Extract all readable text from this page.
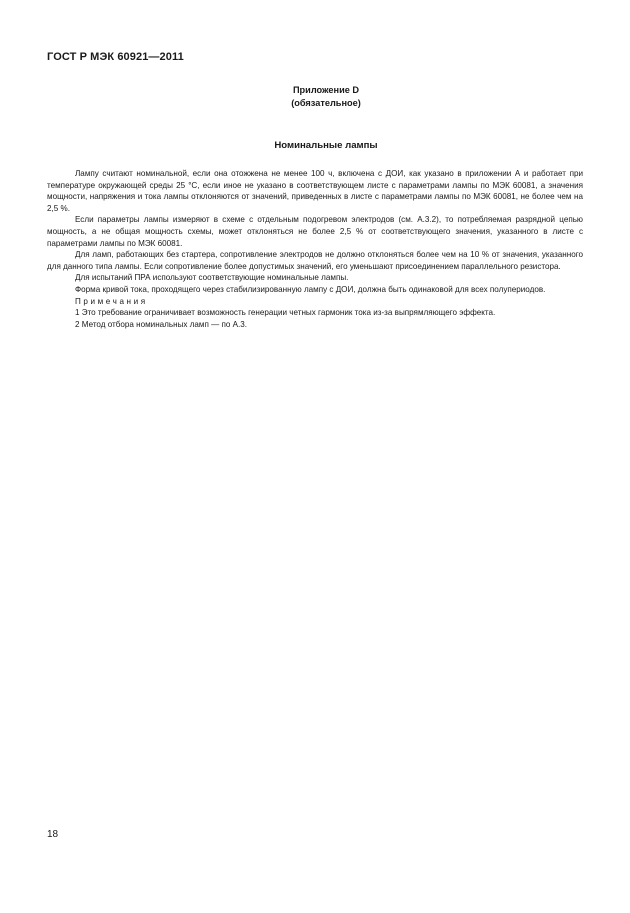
ГОСТ Р МЭК 60921—2011
Приложение D
(обязательное)
Номинальные лампы

Лампу считают номинальной, если она отожжена не менее 100 ч, включена с ДОИ, как указано в приложении А и работает при температуре окружающей среды 25 °С, если иное не указано в соответствующем листе с параметрами лампы по МЭК 60081, а значения мощности, напряжения и тока лампы отклоняются от значений, приведенных в листе с параметрами лампы по МЭК 60081, не более чем на 2,5 %.

Если параметры лампы измеряют в схеме с отдельным подогревом электродов (см. А.3.2), то потребляемая разрядной цепью мощность, а не общая мощность схемы, может отклоняться не более 2,5 % от соответствующего значения, указанного в листе с параметрами лампы по МЭК 60081.

Для ламп, работающих без стартера, сопротивление электродов не должно отклоняться более чем на 10 % от значения, указанного для данного типа лампы. Если сопротивление более допустимых значений, его уменьшают присоединением параллельного резистора.

Для испытаний ПРА используют соответствующие номинальные лампы.

Форма кривой тока, проходящего через стабилизированную лампу с ДОИ, должна быть одинаковой для всех полупериодов.

Примечания

1 Это требование ограничивает возможность генерации четных гармоник тока из-за выпрямляющего эффекта.

2 Метод отбора номинальных ламп — по А.3.

18
